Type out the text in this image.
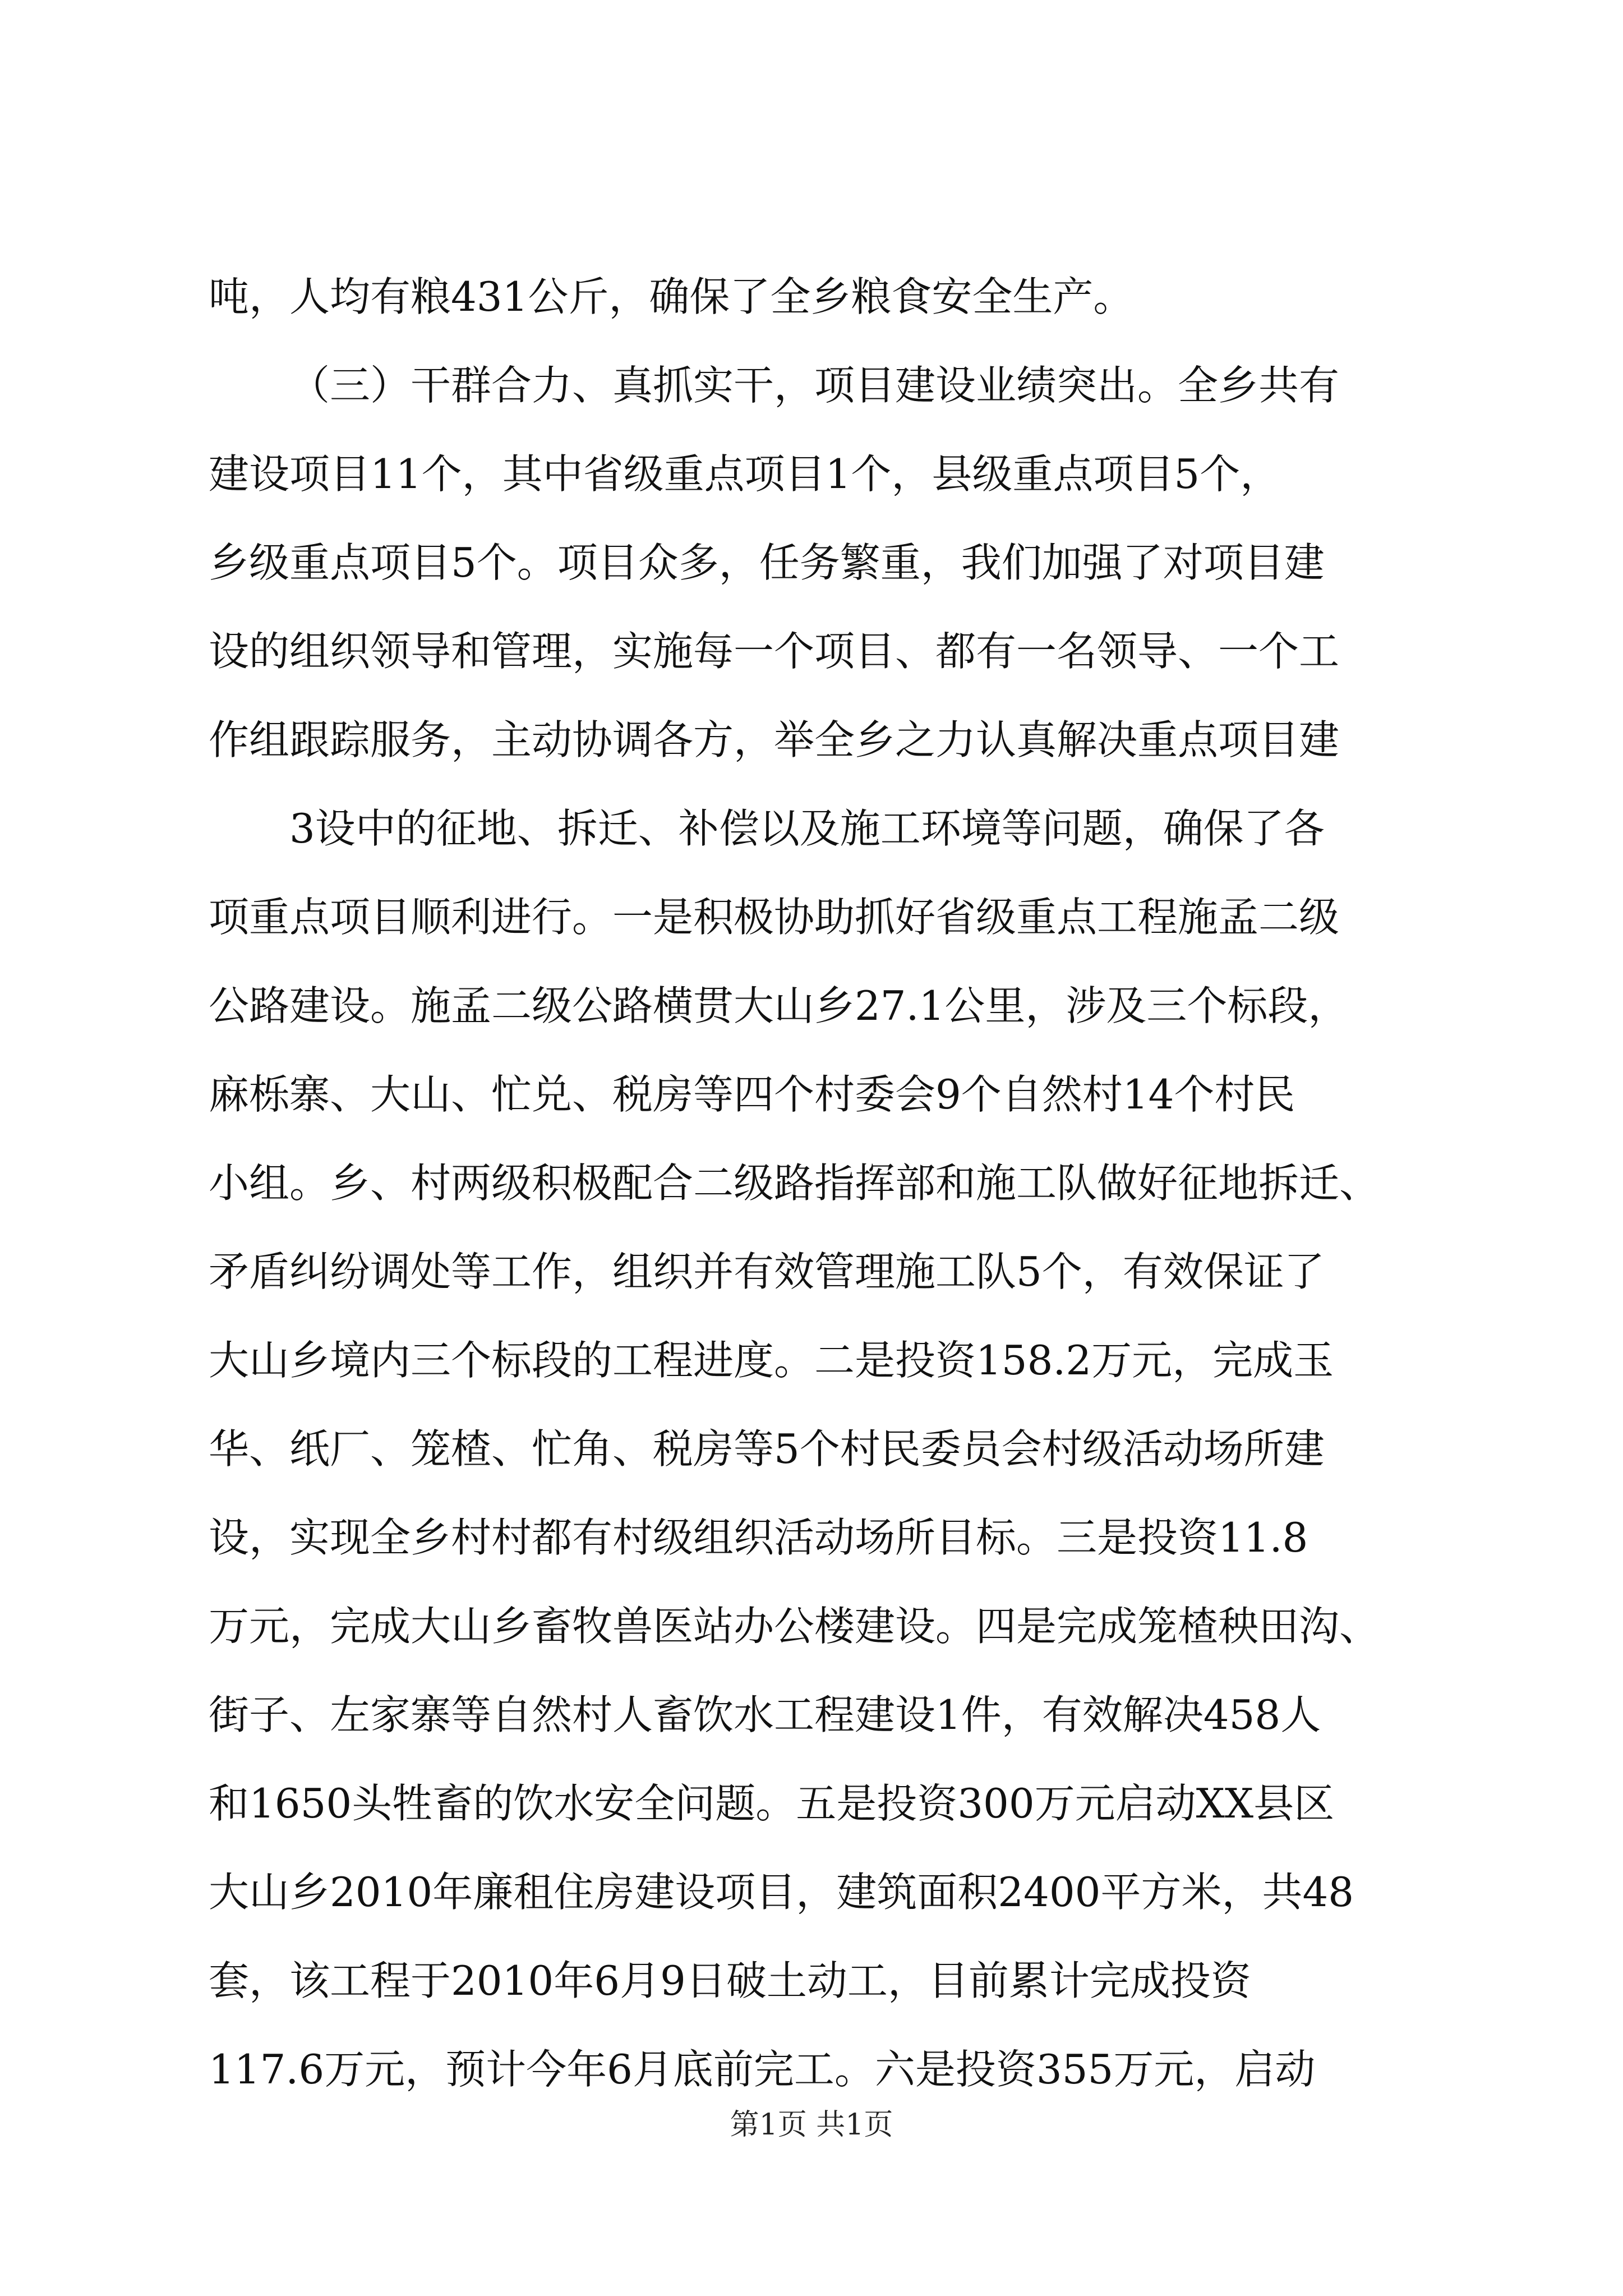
吨，人均有粮431公斤，确保了全乡粮食安全生产。
（三）干群合力、真抓实干，项目建设业绩突出。全乡共有
建设项目11个，其中省级重点项目1个，县级重点项目5个，
乡级重点项目5个。项目众多，任务繁重，我们加强了对项目建
设的组织领导和管理，实施每一个项目、都有一名领导、一个工
作组跟踪服务，主动协调各方，举全乡之力认真解决重点项目建
3设中的征地、拆迁、补偿以及施工环境等问题，确保了各
项重点项目顺利进行。一是积极协助抓好省级重点工程施孟二级
公路建设。施孟二级公路横贯大山乡27.1公里，涉及三个标段，
麻栎寨、大山、忙兑、税房等四个村委会9个自然村14个村民
小组。乡、村两级积极配合二级路指挥部和施工队做好征地拆迁、
矛盾纠纷调处等工作，组织并有效管理施工队5个，有效保证了
大山乡境内三个标段的工程进度。二是投资158.2万元，完成玉
华、纸厂、笼楂、忙角、税房等5个村民委员会村级活动场所建
设，实现全乡村村都有村级组织活动场所目标。三是投资11.8
万元，完成大山乡畜牧兽医站办公楼建设。四是完成笼楂秧田沟、
街子、左家寨等自然村人畜饮水工程建设1件，有效解决458人
和1650头牲畜的饮水安全问题。五是投资300万元启动XX县区
大山乡2010年廉租住房建设项目，建筑面积2400平方米，共48
套，该工程于2010年6月9日破土动工，目前累计完成投资
117.6万元，预计今年6月底前完工。六是投资355万元，启动
第1页 共1页
